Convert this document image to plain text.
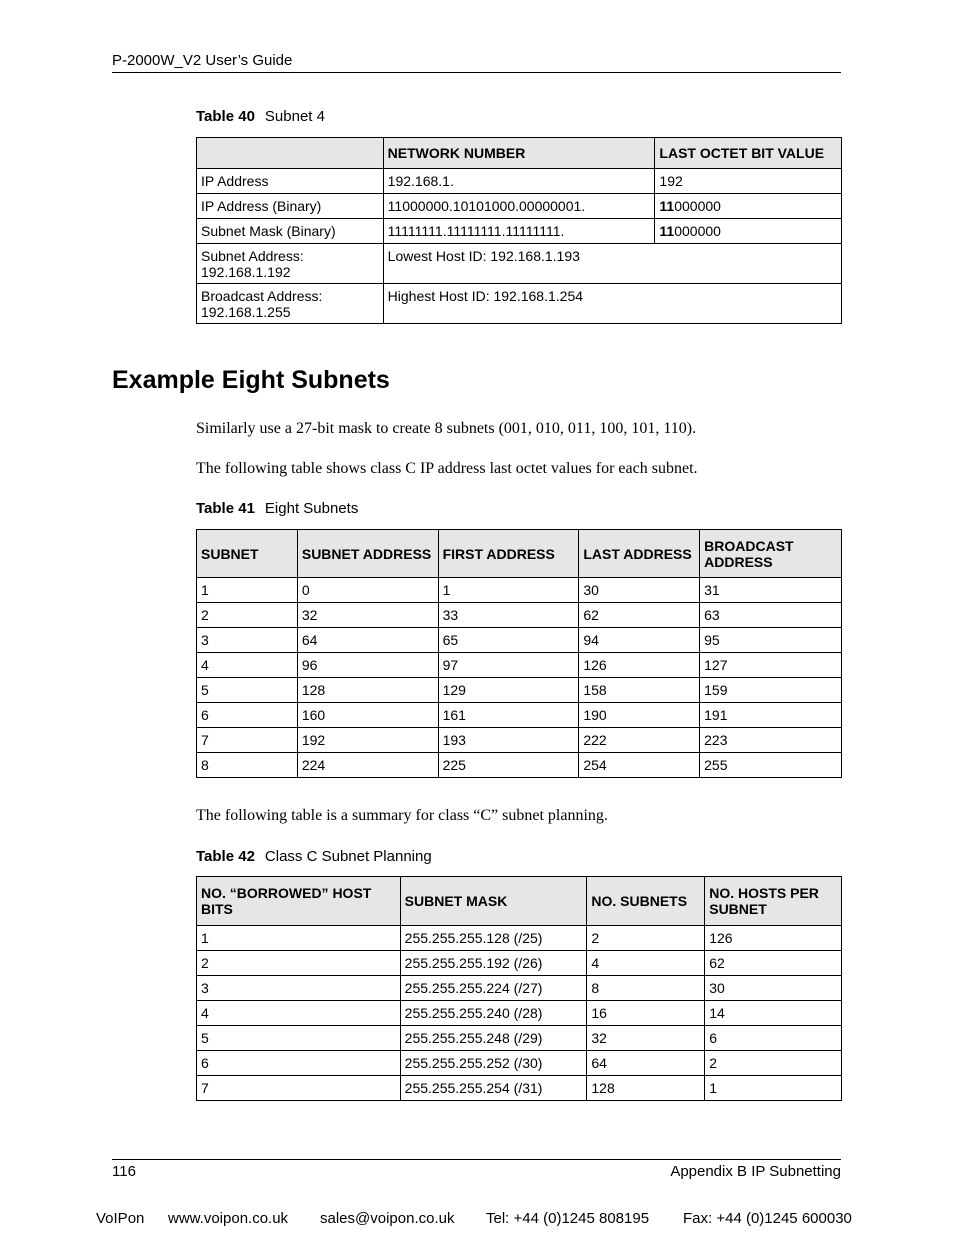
P-2000W_V2 User’s Guide
Table 40 Subnet 4
	NETWORK NUMBER	LAST OCTET BIT VALUE
IP Address	192.168.1.	192
IP Address (Binary)	11000000.10101000.00000001.	11000000
Subnet Mask (Binary)	11111111.11111111.11111111.	11000000
Subnet Address:
192.168.1.192	Lowest Host ID: 192.168.1.193	
Broadcast Address:
192.168.1.255	Highest Host ID: 192.168.1.254	
Example Eight Subnets
Similarly use a 27-bit mask to create 8 subnets (001, 010, 011, 100, 101, 110).
The following table shows class C IP address last octet values for each subnet.
Table 41 Eight Subnets
SUBNET	SUBNET ADDRESS	FIRST ADDRESS	LAST ADDRESS	BROADCAST ADDRESS
1	0	1	30	31
2	32	33	62	63
3	64	65	94	95
4	96	97	126	127
5	128	129	158	159
6	160	161	190	191
7	192	193	222	223
8	224	225	254	255
The following table is a summary for class “C” subnet planning.
Table 42 Class C Subnet Planning
NO. “BORROWED” HOST BITS	SUBNET MASK	NO. SUBNETS	NO. HOSTS PER SUBNET
1	255.255.255.128 (/25)	2	126
2	255.255.255.192 (/26)	4	62
3	255.255.255.224 (/27)	8	30
4	255.255.255.240 (/28)	16	14
5	255.255.255.248 (/29)	32	6
6	255.255.255.252 (/30)	64	2
7	255.255.255.254 (/31)	128	1
116	Appendix B IP Subnetting
VoIPon www.voipon.co.uk sales@voipon.co.uk Tel: +44 (0)1245 808195 Fax: +44 (0)1245 600030
